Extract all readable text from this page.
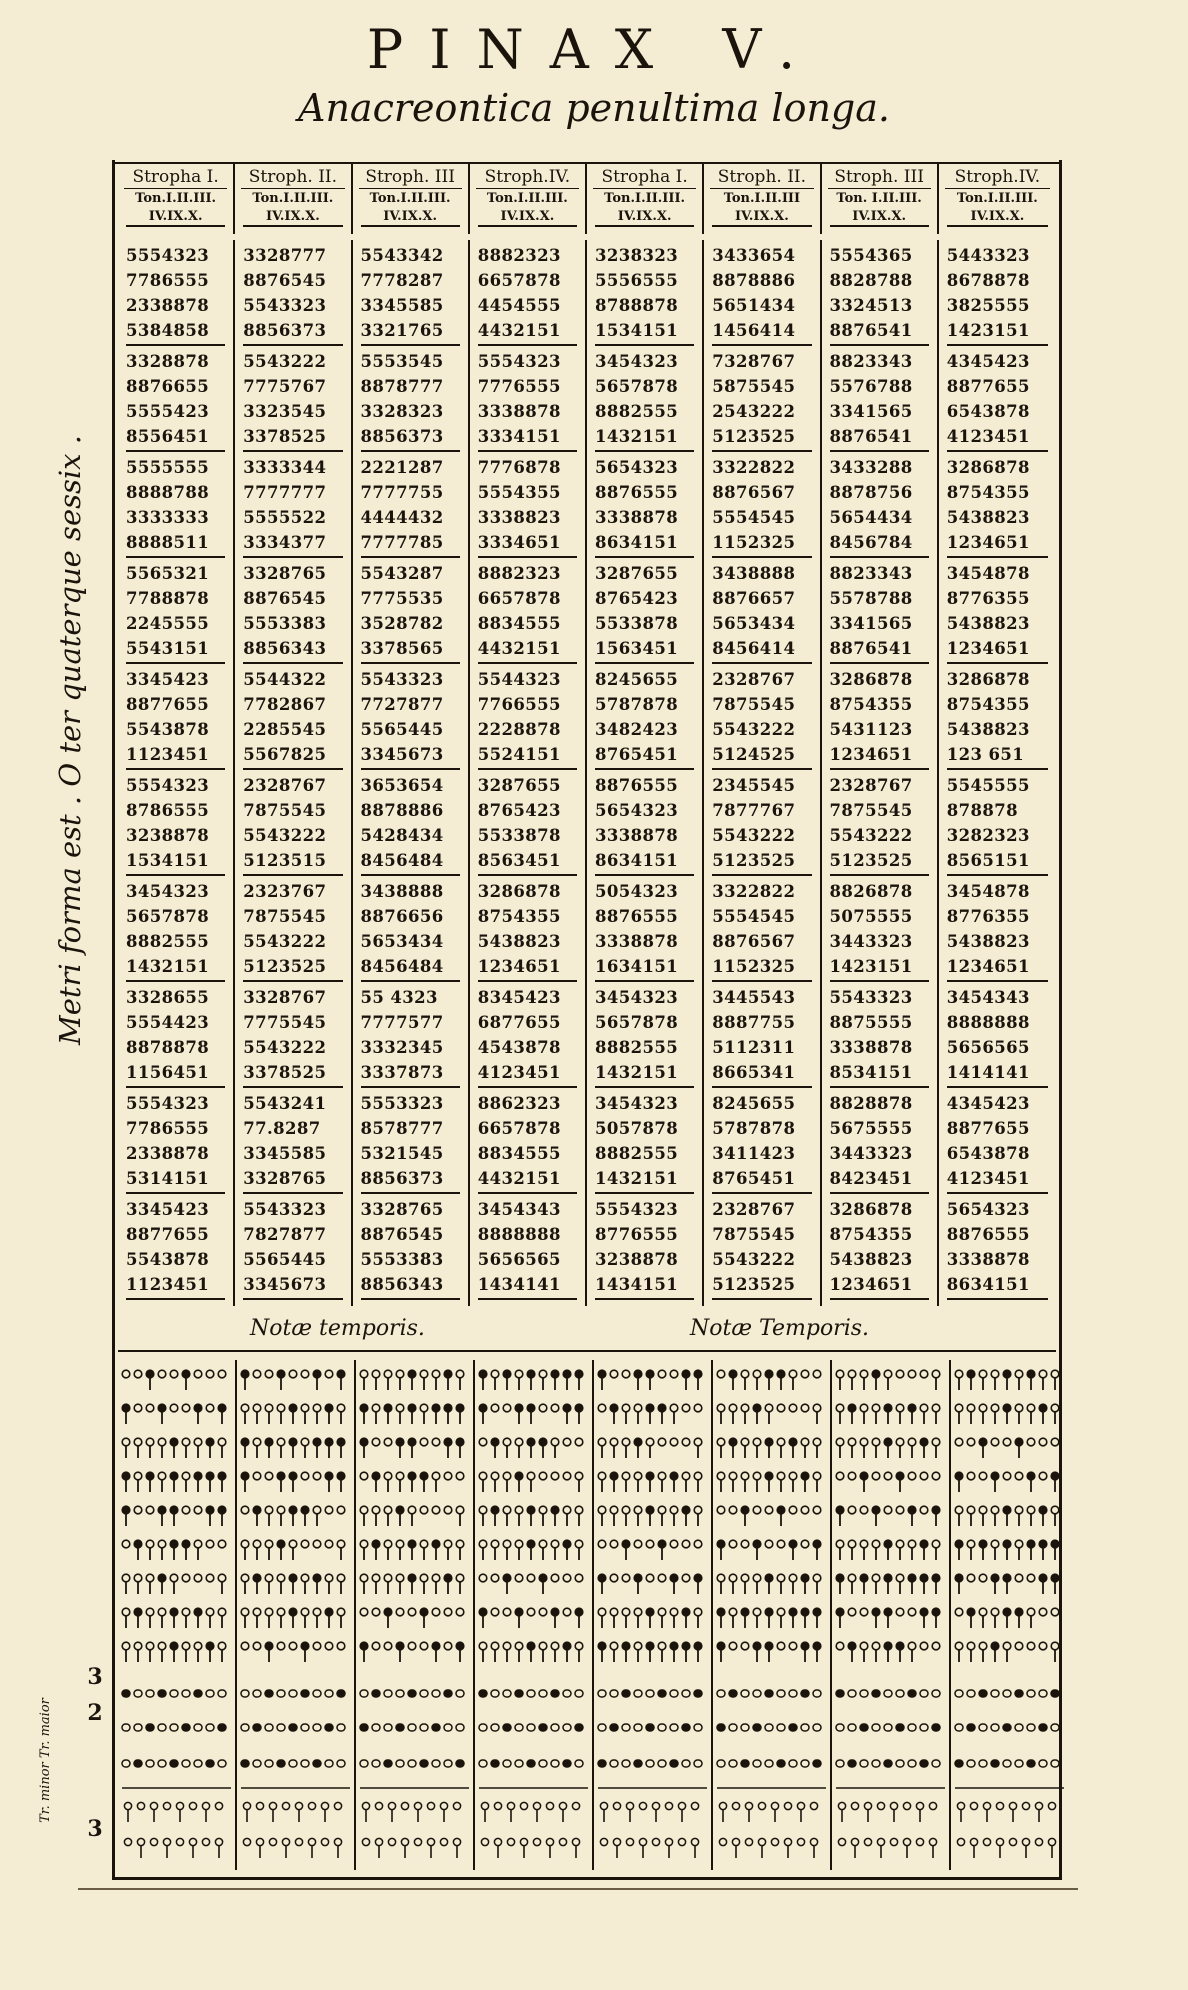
PINAX V.
Anacreontica penultima longa.
Metri forma est . O ter quaterque sessix .
Tr. minor Tr. maior
3
2
3
Stropha I.
Ton.I.II.III.
IV.IX.X.
Stroph. II.
Ton.I.II.III.
IV.IX.X.
Stroph. III
Ton.I.II.III.
IV.IX.X.
Stroph.IV.
Ton.I.II.III.
IV.IX.X.
Stropha I.
Ton.I.II.III.
IV.IX.X.
Stroph. II.
Ton.I.II.III
IV.IX.X.
Stroph. III
Ton. I.II.III.
IV.IX.X.
Stroph.IV.
Ton.I.II.III.
IV.IX.X.
5554323
7786555
2338878
5384858
3328878
8876655
5555423
8556451
5555555
8888788
3333333
8888511
5565321
7788878
2245555
5543151
3345423
8877655
5543878
1123451
5554323
8786555
3238878
1534151
3454323
5657878
8882555
1432151
3328655
5554423
8878878
1156451
5554323
7786555
2338878
5314151
3345423
8877655
5543878
1123451
3328777
8876545
5543323
8856373
5543222
7775767
3323545
3378525
3333344
7777777
5555522
3334377
3328765
8876545
5553383
8856343
5544322
7782867
2285545
5567825
2328767
7875545
5543222
5123515
2323767
7875545
5543222
5123525
3328767
7775545
5543222
3378525
5543241
77.8287
3345585
3328765
5543323
7827877
5565445
3345673
5543342
7778287
3345585
3321765
5553545
8878777
3328323
8856373
2221287
7777755
4444432
7777785
5543287
7775535
3528782
3378565
5543323
7727877
5565445
3345673
3653654
8878886
5428434
8456484
3438888
8876656
5653434
8456484
55 4323
7777577
3332345
3337873
5553323
8578777
5321545
8856373
3328765
8876545
5553383
8856343
8882323
6657878
4454555
4432151
5554323
7776555
3338878
3334151
7776878
5554355
3338823
3334651
8882323
6657878
8834555
4432151
5544323
7766555
2228878
5524151
3287655
8765423
5533878
8563451
3286878
8754355
5438823
1234651
8345423
6877655
4543878
4123451
8862323
6657878
8834555
4432151
3454343
8888888
5656565
1434141
3238323
5556555
8788878
1534151
3454323
5657878
8882555
1432151
5654323
8876555
3338878
8634151
3287655
8765423
5533878
1563451
8245655
5787878
3482423
8765451
8876555
5654323
3338878
8634151
5054323
8876555
3338878
1634151
3454323
5657878
8882555
1432151
3454323
5057878
8882555
1432151
5554323
8776555
3238878
1434151
3433654
8878886
5651434
1456414
7328767
5875545
2543222
5123525
3322822
8876567
5554545
1152325
3438888
8876657
5653434
8456414
2328767
7875545
5543222
5124525
2345545
7877767
5543222
5123525
3322822
5554545
8876567
1152325
3445543
8887755
5112311
8665341
8245655
5787878
3411423
8765451
2328767
7875545
5543222
5123525
5554365
8828788
3324513
8876541
8823343
5576788
3341565
8876541
3433288
8878756
5654434
8456784
8823343
5578788
3341565
8876541
3286878
8754355
5431123
1234651
2328767
7875545
5543222
5123525
8826878
5075555
3443323
1423151
5543323
8875555
3338878
8534151
8828878
5675555
3443323
8423451
3286878
8754355
5438823
1234651
5443323
8678878
3825555
1423151
4345423
8877655
6543878
4123451
3286878
8754355
5438823
1234651
3454878
8776355
5438823
1234651
3286878
8754355
5438823
123 651
5545555
878878
3282323
8565151
3454878
8776355
5438823
1234651
3454343
8888888
5656565
1414141
4345423
8877655
6543878
4123451
5654323
8876555
3338878
8634151
Notæ temporis.	Notæ Temporis.
